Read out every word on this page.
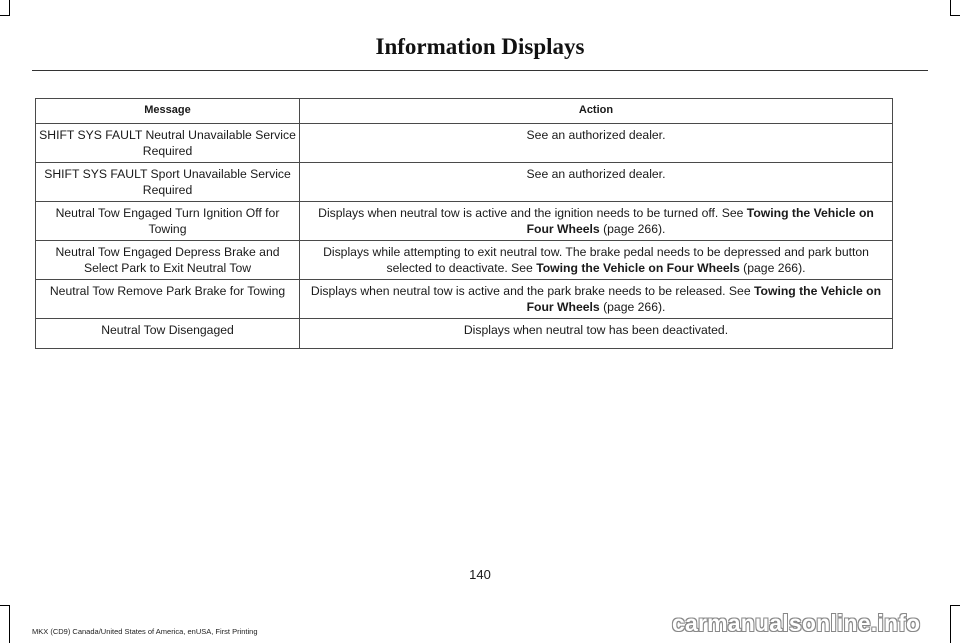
Information Displays
Message	Action
SHIFT SYS FAULT Neutral Unavailable Service Required	See an authorized dealer.
SHIFT SYS FAULT Sport Unavailable Service Required	See an authorized dealer.
Neutral Tow Engaged Turn Ignition Off for Towing	Displays when neutral tow is active and the ignition needs to be turned off. See Towing the Vehicle on Four Wheels (page 266).
Neutral Tow Engaged Depress Brake and Select Park to Exit Neutral Tow	Displays while attempting to exit neutral tow. The brake pedal needs to be depressed and park button selected to deactivate. See Towing the Vehicle on Four Wheels (page 266).
Neutral Tow Remove Park Brake for Towing	Displays when neutral tow is active and the park brake needs to be released. See Towing the Vehicle on Four Wheels (page 266).
Neutral Tow Disengaged	Displays when neutral tow has been deactivated.
140
MKX (CD9) Canada/United States of America, enUSA, First Printing	carmanualsonline.info
